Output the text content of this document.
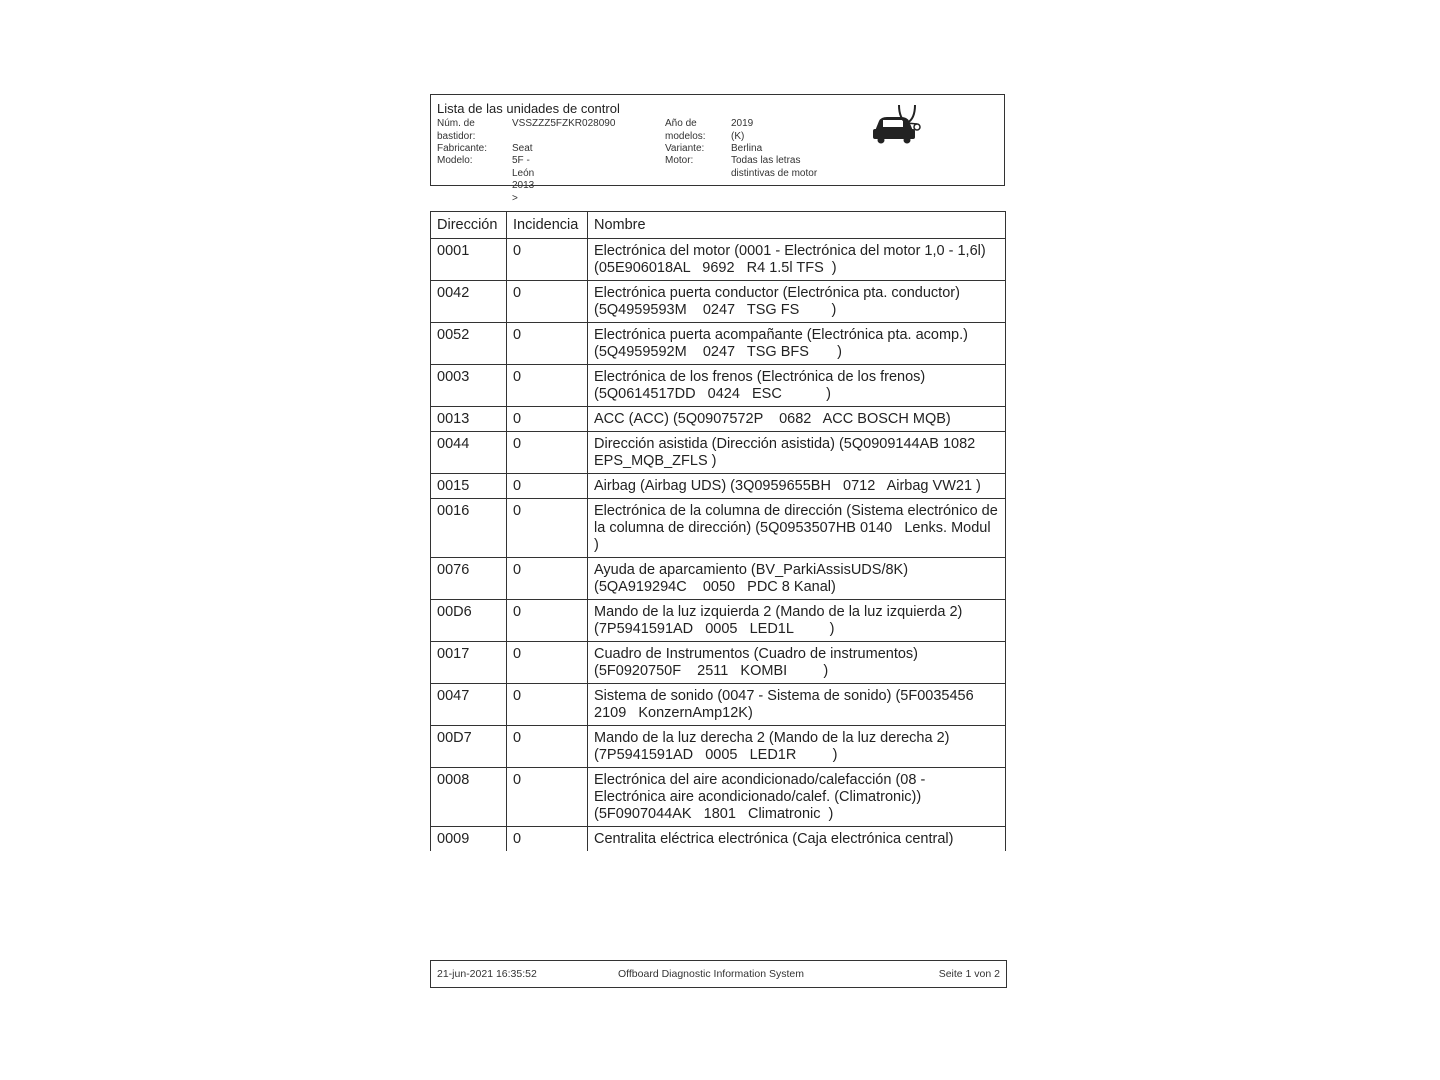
Lista de las unidades de control
Núm. de bastidor:
VSSZZZ5FZKR028090
Fabricante:	Seat
Modelo:	5F - León 2013 >
Año de modelos:
2019 (K)
Variante:	Berlina
Motor:	Todas las letras distintivas de motor
Dirección	Incidencia	Nombre
0001	0	Electrónica del motor (0001 - Electrónica del motor 1,0 - 1,6l) (05E906018AL   9692   R4 1.5l TFS  )
0042	0	Electrónica puerta conductor (Electrónica pta. conductor) (5Q4959593M    0247   TSG FS        )
0052	0	Electrónica puerta acompañante (Electrónica pta. acomp.) (5Q4959592M    0247   TSG BFS       )
0003	0	Electrónica de los frenos (Electrónica de los frenos) (5Q0614517DD   0424   ESC           )
0013	0	ACC (ACC) (5Q0907572P    0682   ACC BOSCH MQB)
0044	0	Dirección asistida (Dirección asistida) (5Q0909144AB 1082   EPS_MQB_ZFLS )
0015	0	Airbag (Airbag UDS) (3Q0959655BH   0712   Airbag VW21 )
0016	0	Electrónica de la columna de dirección (Sistema electrónico de la columna de dirección) (5Q0953507HB 0140   Lenks. Modul )
0076	0	Ayuda de aparcamiento (BV_ParkiAssisUDS/8K) (5QA919294C    0050   PDC 8 Kanal)
00D6	0	Mando de la luz izquierda 2 (Mando de la luz izquierda 2) (7P5941591AD   0005   LED1L         )
0017	0	Cuadro de Instrumentos (Cuadro de instrumentos) (5F0920750F    2511   KOMBI         )
0047	0	Sistema de sonido (0047 - Sistema de sonido) (5F0035456 2109   KonzernAmp12K)
00D7	0	Mando de la luz derecha 2 (Mando de la luz derecha 2) (7P5941591AD   0005   LED1R         )
0008	0	Electrónica del aire acondicionado/calefacción (08 - Electrónica aire acondicionado/calef. (Climatronic)) (5F0907044AK   1801   Climatronic  )
0009	0	Centralita eléctrica electrónica (Caja electrónica central)
21-jun-2021 16:35:52	Offboard Diagnostic Information System	Seite 1 von 2
